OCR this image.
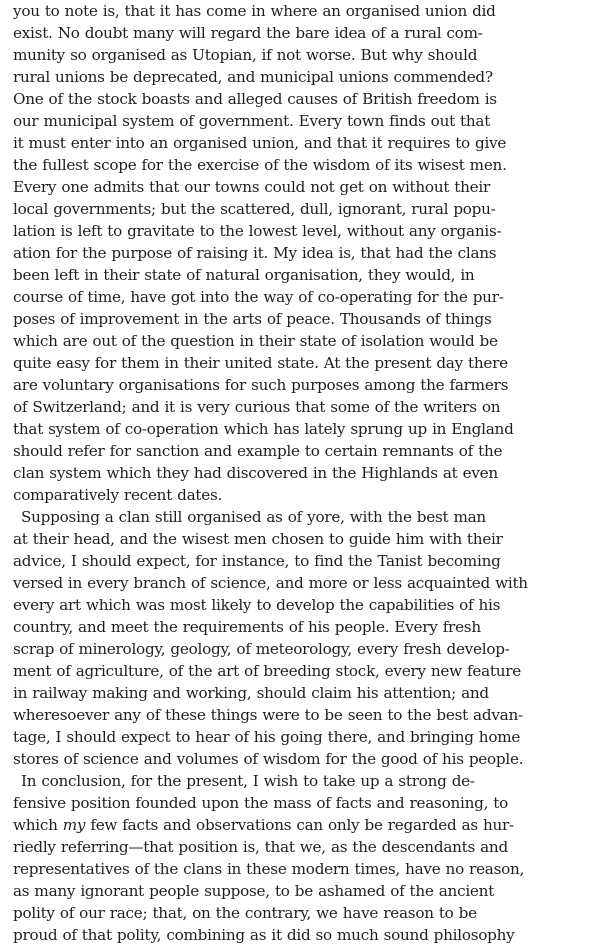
you to note is, that it has come in where an organised union did
exist. No doubt many will regard the bare idea of a rural com-
munity so organised as Utopian, if not worse. But why should
rural unions be deprecated, and municipal unions commended?
One of the stock boasts and alleged causes of British freedom is
our municipal system of government. Every town finds out that
it must enter into an organised union, and that it requires to give
the fullest scope for the exercise of the wisdom of its wisest men.
Every one admits that our towns could not get on without their
local governments; but the scattered, dull, ignorant, rural popu-
lation is left to gravitate to the lowest level, without any organis-
ation for the purpose of raising it. My idea is, that had the clans
been left in their state of natural organisation, they would, in
course of time, have got into the way of co-operating for the pur-
poses of improvement in the arts of peace. Thousands of things
which are out of the question in their state of isolation would be
quite easy for them in their united state. At the present day there
are voluntary organisations for such purposes among the farmers
of Switzerland; and it is very curious that some of the writers on
that system of co-operation which has lately sprung up in England
should refer for sanction and example to certain remnants of the
clan system which they had discovered in the Highlands at even
comparatively recent dates.
Supposing a clan still organised as of yore, with the best man
at their head, and the wisest men chosen to guide him with their
advice, I should expect, for instance, to find the Tanist becoming
versed in every branch of science, and more or less acquainted with
every art which was most likely to develop the capabilities of his
country, and meet the requirements of his people. Every fresh
scrap of minerology, geology, of meteorology, every fresh develop-
ment of agriculture, of the art of breeding stock, every new feature
in railway making and working, should claim his attention; and
wheresoever any of these things were to be seen to the best advan-
tage, I should expect to hear of his going there, and bringing home
stores of science and volumes of wisdom for the good of his people.
In conclusion, for the present, I wish to take up a strong de-
fensive position founded upon the mass of facts and reasoning, to
which my few facts and observations can only be regarded as hur-
riedly referring—that position is, that we, as the descendants and
representatives of the clans in these modern times, have no reason,
as many ignorant people suppose, to be ashamed of the ancient
polity of our race; that, on the contrary, we have reason to be
proud of that polity, combining as it did so much sound philosophy
